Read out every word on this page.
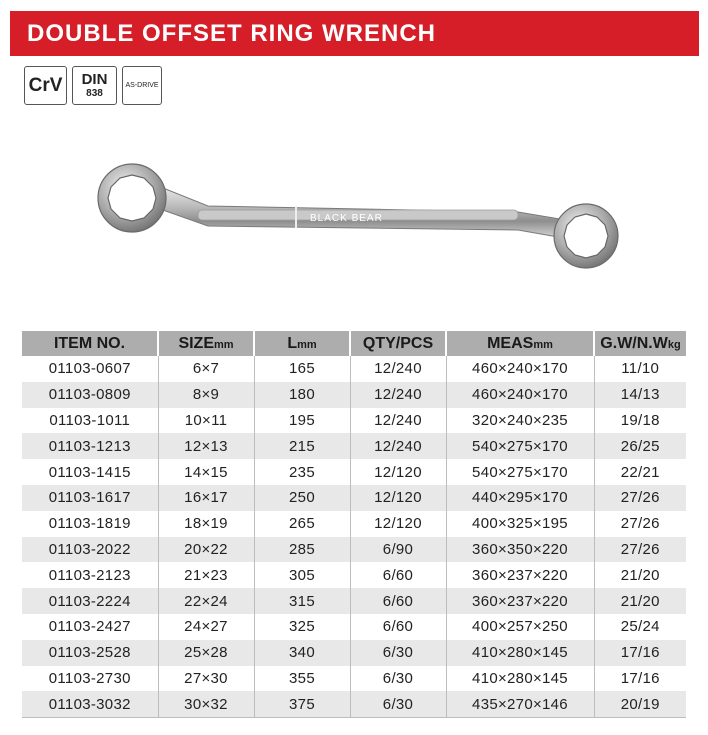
DOUBLE OFFSET RING WRENCH
CrV DIN
838
AS-DRIVE
BLACK BEAR
ITEM NO.	SIZEmm	Lmm	QTY/PCS	MEASmm	G.W/N.Wkg
01103-0607	6×7	165	12/240	460×240×170	11/10
01103-0809	8×9	180	12/240	460×240×170	14/13
01103-1011	10×11	195	12/240	320×240×235	19/18
01103-1213	12×13	215	12/240	540×275×170	26/25
01103-1415	14×15	235	12/120	540×275×170	22/21
01103-1617	16×17	250	12/120	440×295×170	27/26
01103-1819	18×19	265	12/120	400×325×195	27/26
01103-2022	20×22	285	6/90	360×350×220	27/26
01103-2123	21×23	305	6/60	360×237×220	21/20
01103-2224	22×24	315	6/60	360×237×220	21/20
01103-2427	24×27	325	6/60	400×257×250	25/24
01103-2528	25×28	340	6/30	410×280×145	17/16
01103-2730	27×30	355	6/30	410×280×145	17/16
01103-3032	30×32	375	6/30	435×270×146	20/19
